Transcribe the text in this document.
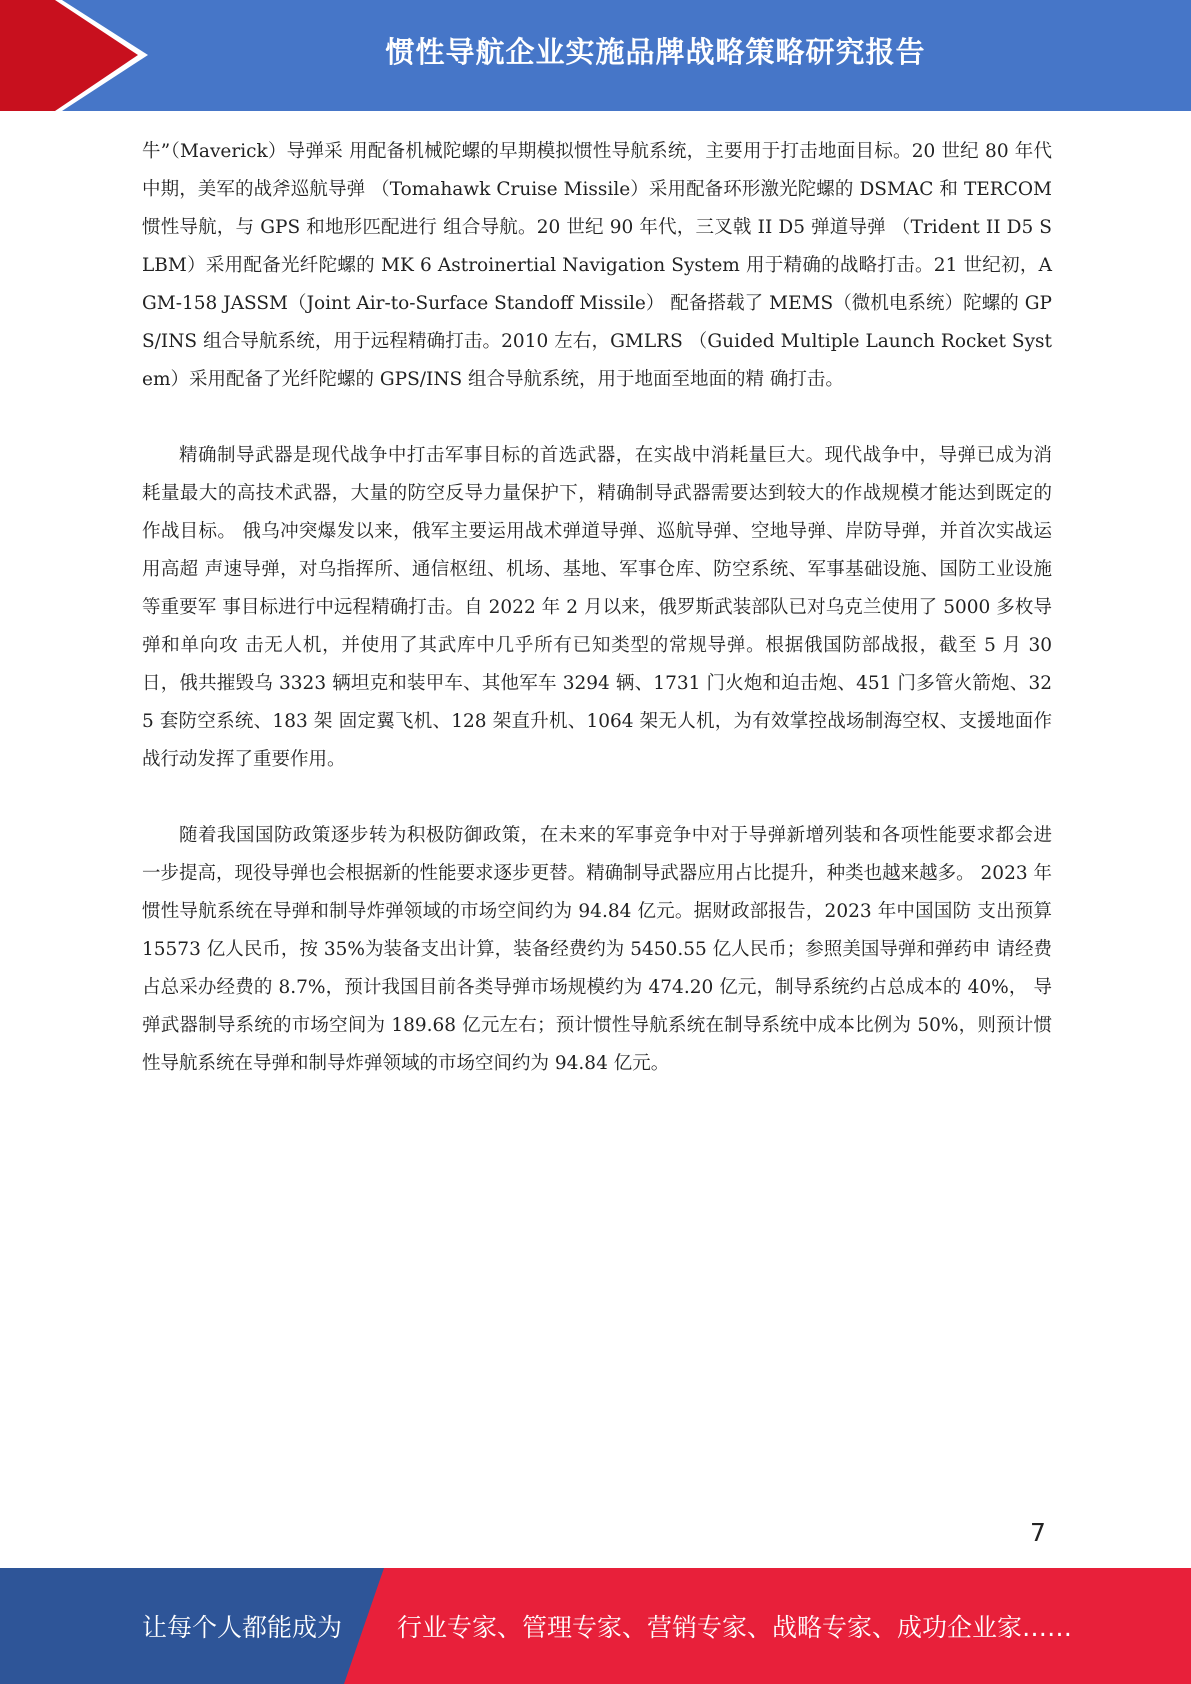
惯性导航企业实施品牌战略策略研究报告

牛”（Maverick）导弹采 用配备机械陀螺的早期模拟惯性导航系统，主要用于打击地面目标。20 世纪 80 年代中期，美军的战斧巡航导弹 （Tomahawk Cruise Missile）采用配备环形激光陀螺的 DSMAC 和 TERCOM 惯性导航，与 GPS 和地形匹配进行 组合导航。20 世纪 90 年代，三叉戟 II D5 弹道导弹 （Trident II D5 SLBM）采用配备光纤陀螺的 MK 6 Astroinertial Navigation System 用于精确的战略打击。21 世纪初，AGM-158 JASSM（Joint Air-to-Surface Standoff Missile） 配备搭载了 MEMS（微机电系统）陀螺的 GPS/INS 组合导航系统，用于远程精确打击。2010 左右，GMLRS （Guided Multiple Launch Rocket System）采用配备了光纤陀螺的 GPS/INS 组合导航系统，用于地面至地面的精 确打击。

精确制导武器是现代战争中打击军事目标的首选武器，在实战中消耗量巨大。现代战争中，导弹已成为消 耗量最大的高技术武器，大量的防空反导力量保护下，精确制导武器需要达到较大的作战规模才能达到既定的 作战目标。 俄乌冲突爆发以来，俄军主要运用战术弹道导弹、巡航导弹、空地导弹、岸防导弹，并首次实战运用高超 声速导弹，对乌指挥所、通信枢纽、机场、基地、军事仓库、防空系统、军事基础设施、国防工业设施等重要军 事目标进行中远程精确打击。自 2022 年 2 月以来，俄罗斯武装部队已对乌克兰使用了 5000 多枚导弹和单向攻 击无人机，并使用了其武库中几乎所有已知类型的常规导弹。根据俄国防部战报，截至 5 月 30 日，俄共摧毁乌 3323 辆坦克和装甲车、其他军车 3294 辆、1731 门火炮和迫击炮、451 门多管火箭炮、325 套防空系统、183 架 固定翼飞机、128 架直升机、1064 架无人机，为有效掌控战场制海空权、支援地面作战行动发挥了重要作用。

随着我国国防政策逐步转为积极防御政策，在未来的军事竞争中对于导弹新增列装和各项性能要求都会进 一步提高，现役导弹也会根据新的性能要求逐步更替。精确制导武器应用占比提升，种类也越来越多。 2023 年惯性导航系统在导弹和制导炸弹领域的市场空间约为 94.84 亿元。据财政部报告，2023 年中国国防 支出预算 15573 亿人民币，按 35%为装备支出计算，装备经费约为 5450.55 亿人民币；参照美国导弹和弹药申 请经费占总采办经费的 8.7%，预计我国目前各类导弹市场规模约为 474.20 亿元，制导系统约占总成本的 40%， 导弹武器制导系统的市场空间为 189.68 亿元左右；预计惯性导航系统在制导系统中成本比例为 50%，则预计惯 性导航系统在导弹和制导炸弹领域的市场空间约为 94.84 亿元。

7
让每个人都能成为 行业专家、管理专家、营销专家、战略专家、成功企业家……
